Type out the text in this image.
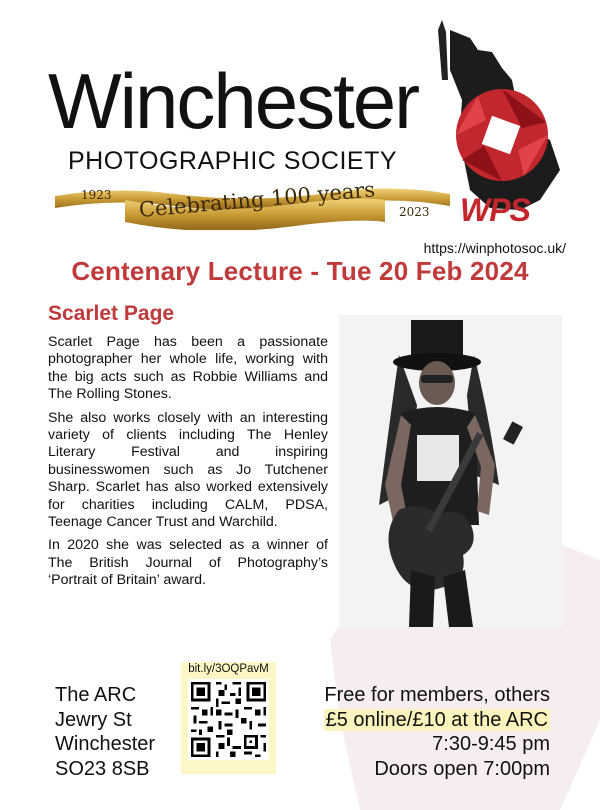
Winchester
PHOTOGRAPHIC SOCIETY
1923 Celebrating 100 years 2023 WPS
https://winphotosoc.uk/
Centenary Lecture - Tue 20 Feb 2024
Scarlet Page

Scarlet Page has been a passionate photographer her whole life, working with the big acts such as Robbie Williams and The Rolling Stones.

She also works closely with an interesting variety of clients including The Henley Literary Festival and inspiring businesswomen such as Jo Tutchener Sharp. Scarlet has also worked extensively for charities including CALM, PDSA, Teenage Cancer Trust and Warchild.

In 2020 she was selected as a winner of The British Journal of Photography’s ‘Portrait of Britain’ award.

The ARC
Jewry St
Winchester
SO23 8SB
bit.ly/3OQPavM
Free for members, others
£5 online/£10 at the ARC
7:30-9:45 pm
Doors open 7:00pm
